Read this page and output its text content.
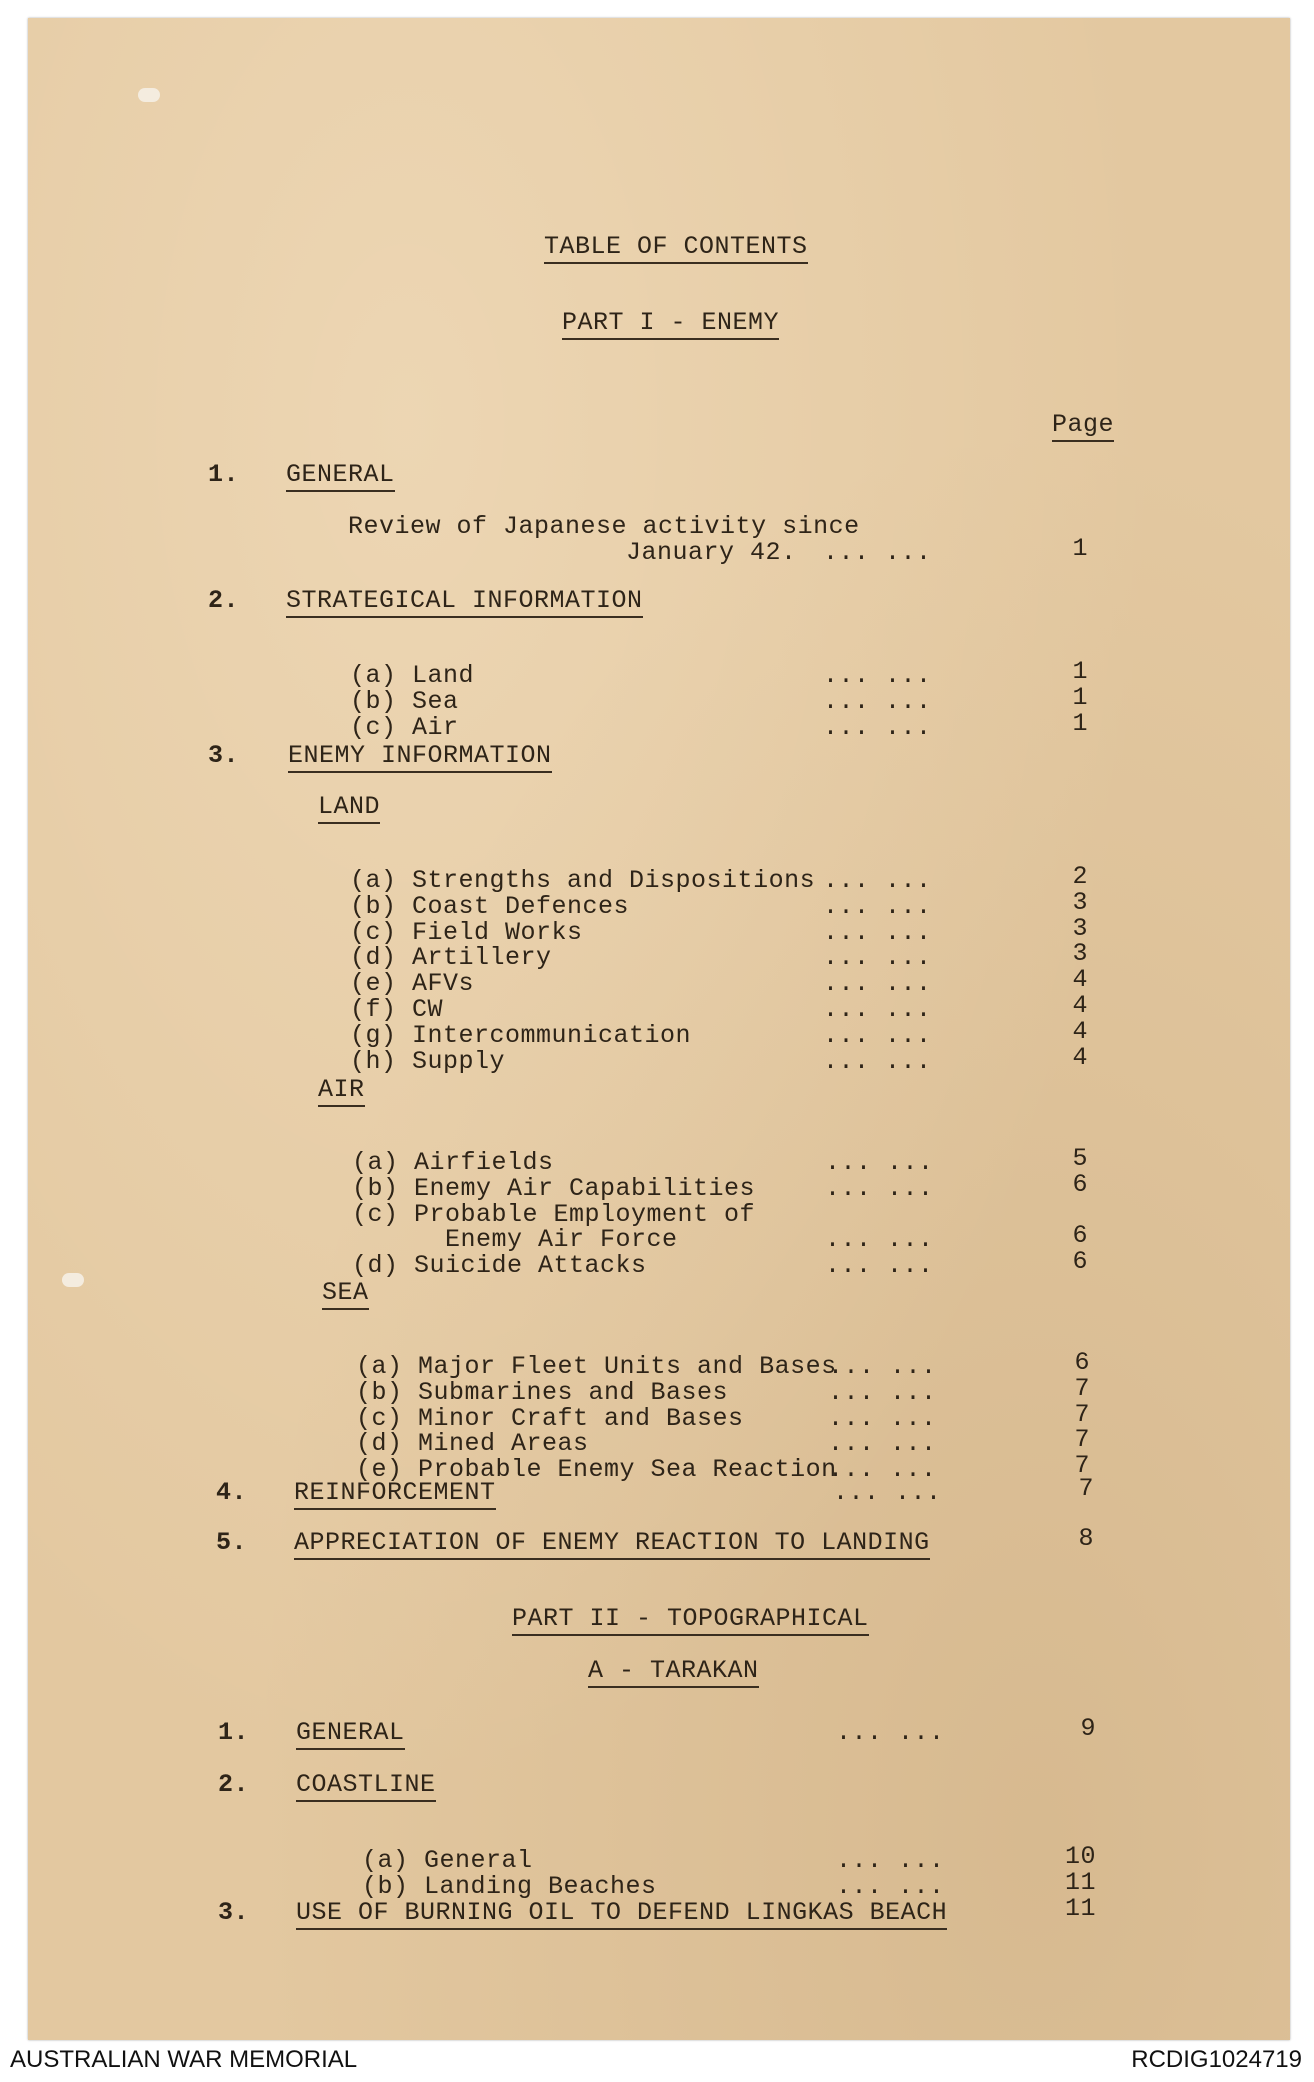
TABLE OF CONTENTS
PART I - ENEMY
Page
1. GENERAL
Review of Japanese activity since
January 42. ... ...	1
2. STRATEGICAL INFORMATION
(a) Land	... ...	1
(b) Sea	... ...	1
(c) Air	... ...	1
3. ENEMY INFORMATION
LAND
(a) Strengths and Dispositions ... ...	2
(b) Coast Defences	... ...	3
(c) Field Works	... ...	3
(d) Artillery	... ...	3
(e) AFVs	... ...	4
(f) CW	... ...	4
(g) Intercommunication	... ...	4
(h) Supply	... ...	4
AIR
(a) Airfields	... ...	5
(b) Enemy Air Capabilities	... ...	6
(c) Probable Employment of
Enemy Air Force	... ...	6
(d) Suicide Attacks	... ...	6
SEA
(a) Major Fleet Units and Bases
... ...	6
(b) Submarines and Bases	... ...	7
(c) Minor Craft and Bases	... ...	7
(d) Mined Areas	... ...	7
(e) Probable Enemy Sea Reaction
... ...	7
4. REINFORCEMENT	... ...	7
5. APPRECIATION OF ENEMY REACTION TO LANDING	8
PART II - TOPOGRAPHICAL
A - TARAKAN
1. GENERAL	... ...	9
2. COASTLINE
(a) General	... ...	10
(b) Landing Beaches	... ...	11
3. USE OF BURNING OIL TO DEFEND LINGKAS BEACH	11
AUSTRALIAN WAR MEMORIAL	RCDIG1024719
